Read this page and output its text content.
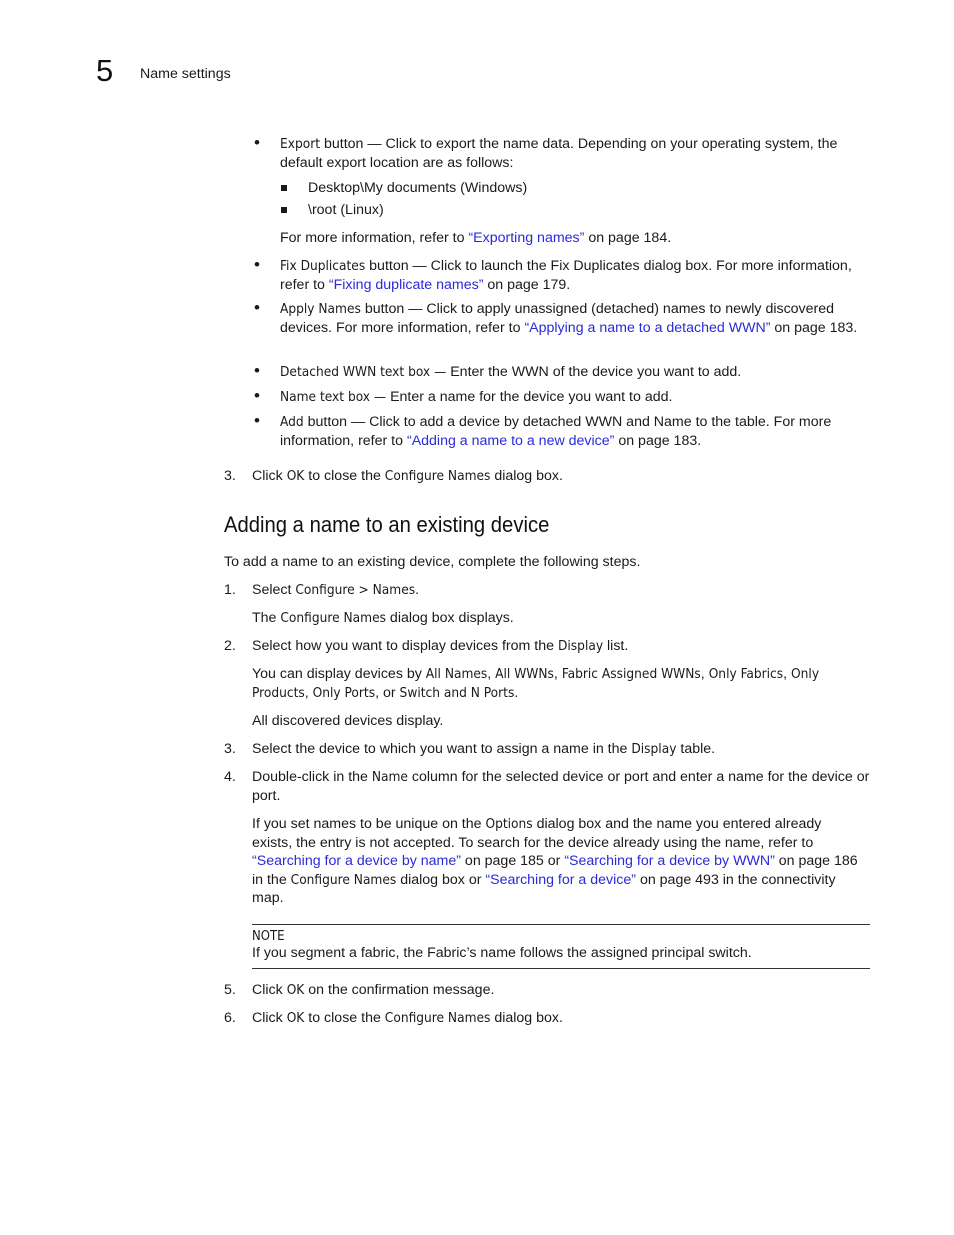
5 Name settings
• Export button — Click to export the name data. Depending on your operating system, the default export location are as follows:
Desktop\My documents (Windows)
\root (Linux)
For more information, refer to “Exporting names” on page 184.
• Fix Duplicates button — Click to launch the Fix Duplicates dialog box. For more information, refer to “Fixing duplicate names” on page 179.
• Apply Names button — Click to apply unassigned (detached) names to newly discovered devices. For more information, refer to “Applying a name to a detached WWN” on page 183.
• Detached WWN text box — Enter the WWN of the device you want to add.
• Name text box — Enter a name for the device you want to add.
• Add button — Click to add a device by detached WWN and Name to the table. For more information, refer to “Adding a name to a new device” on page 183.
3. Click OK to close the Configure Names dialog box.
Adding a name to an existing device
To add a name to an existing device, complete the following steps.
1. Select Configure > Names.
The Configure Names dialog box displays.
2. Select how you want to display devices from the Display list.
You can display devices by All Names, All WWNs, Fabric Assigned WWNs, Only Fabrics, Only Products, Only Ports, or Switch and N Ports.
All discovered devices display.
3. Select the device to which you want to assign a name in the Display table.
4. Double-click in the Name column for the selected device or port and enter a name for the device or port.
If you set names to be unique on the Options dialog box and the name you entered already exists, the entry is not accepted. To search for the device already using the name, refer to “Searching for a device by name” on page 185 or “Searching for a device by WWN” on page 186 in the Configure Names dialog box or “Searching for a device” on page 493 in the connectivity map.
NOTE
If you segment a fabric, the Fabric’s name follows the assigned principal switch.
5. Click OK on the confirmation message.
6. Click OK to close the Configure Names dialog box.
